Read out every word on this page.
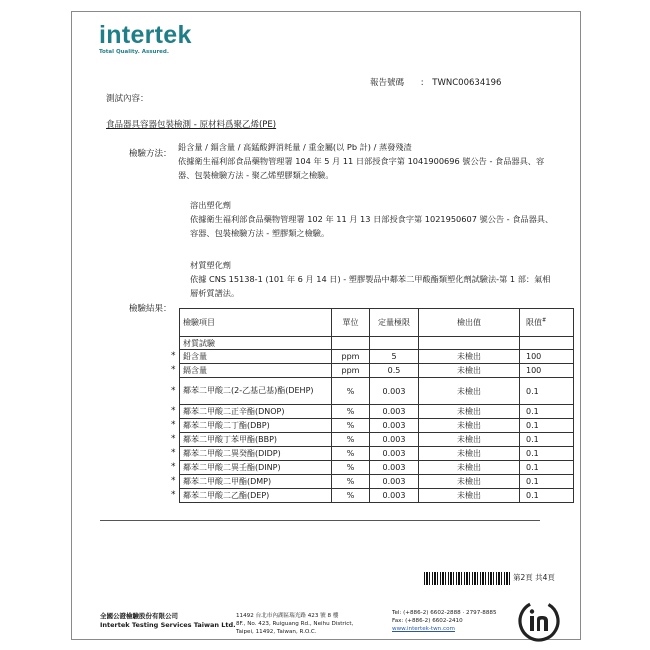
intertek
Total Quality. Assured.
報告號碼 : TWNC00634196
測試內容：
食品器具容器包裝檢測 - 原材料爲聚乙烯(PE)
檢驗方法：
鉛含量 / 鎘含量 / 高錳酸鉀消耗量 / 重金屬(以 Pb 計) / 蒸發殘渣
依據衛生福利部食品藥物管理署 104 年 5 月 11 日部授食字第 1041900696 號公告 - 食品器具、容器、包裝檢驗方法 - 聚乙烯塑膠類之檢驗。
溶出塑化劑
依據衛生福利部食品藥物管理署 102 年 11 月 13 日部授食字第 1021950607 號公告 - 食品器具、容器、包裝檢驗方法 - 塑膠類之檢驗。
材質塑化劑
依據 CNS 15138-1 (101 年 6 月 14 日) - 塑膠製品中鄰苯二甲酸酯類塑化劑試驗法-第 1 部：氣相層析質譜法。
檢驗結果：
檢驗項目	單位	定量極限	檢出值	限值#
材質試驗				

* 鉛含量	ppm	5	未檢出	100

* 鎘含量	ppm	0.5	未檢出	100

* 鄰苯二甲酸二(2-乙基己基)酯(DEHP)	%	0.003	未檢出	0.1

* 鄰苯二甲酸二正辛酯(DNOP)	%	0.003	未檢出	0.1

* 鄰苯二甲酸二丁酯(DBP)	%	0.003	未檢出	0.1

* 鄰苯二甲酸丁苯甲酯(BBP)	%	0.003	未檢出	0.1

* 鄰苯二甲酸二異癸酯(DIDP)	%	0.003	未檢出	0.1

* 鄰苯二甲酸二異壬酯(DINP)	%	0.003	未檢出	0.1

* 鄰苯二甲酸二甲酯(DMP)	%	0.003	未檢出	0.1

* 鄰苯二甲酸二乙酯(DEP)	%	0.003	未檢出	0.1
第2頁 共4頁
全國公證檢驗股份有限公司
Intertek Testing Services Taiwan Ltd.
11492 台北市內湖區瑞光路 423 號 8 樓
8F., No. 423, Ruiguang Rd., Neihu District,
Taipei, 11492, Taiwan, R.O.C.
Tel: (+886-2) 6602-2888 · 2797-8885
Fax: (+886-2) 6602-2410
www.intertek-twn.com
